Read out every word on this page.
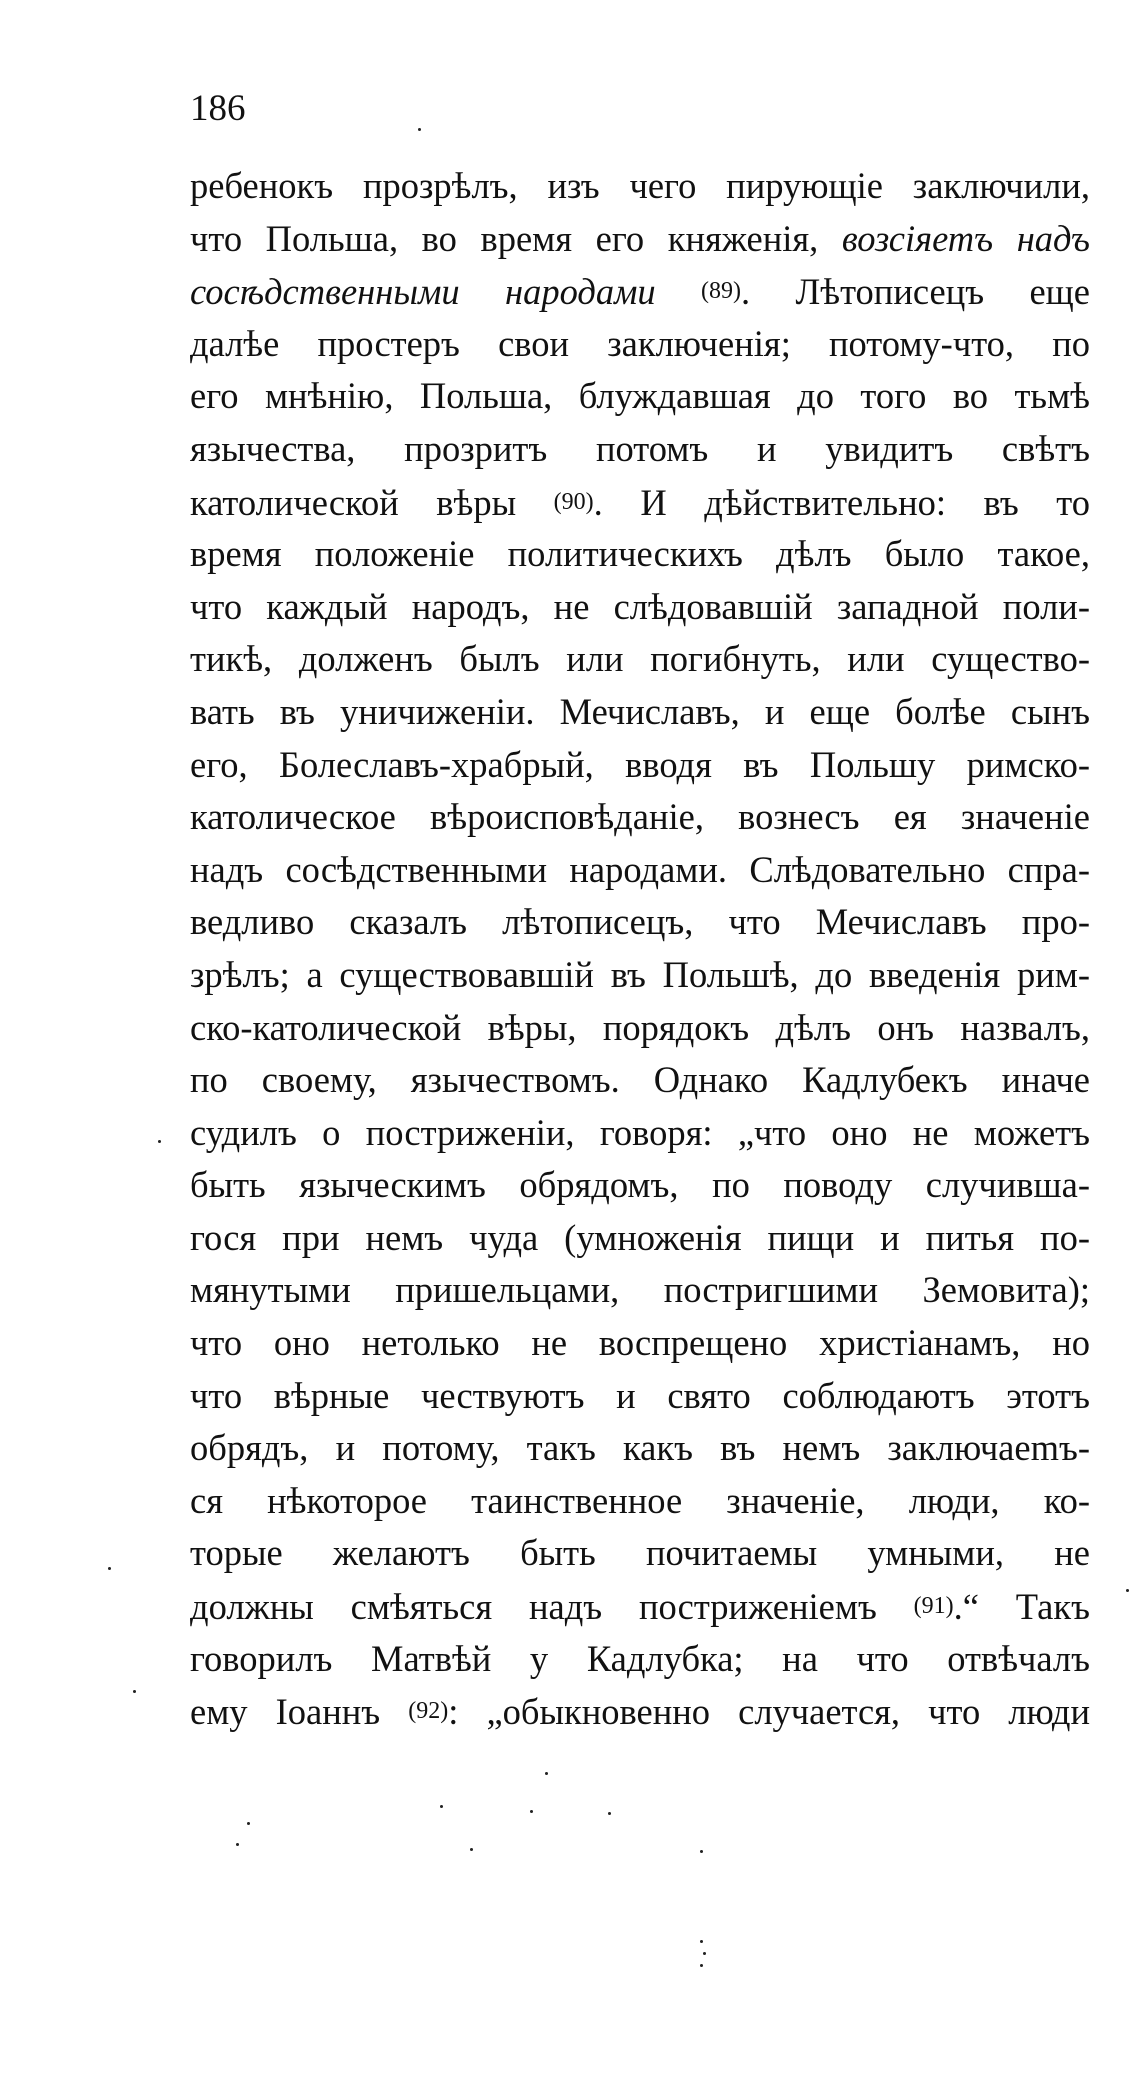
186
ребенокъ прозрѣлъ, изъ чего пирующіе заключили,
что Польша, во время его княженія, возсіяетъ надъ
сосѣдственными народами (89). Лѣтописецъ еще
далѣе простеръ свои заключенія; потому-что, по
его мнѣнію, Польша, блуждавшая до того во тьмѣ
язычества, прозритъ потомъ и увидитъ свѣтъ
католической вѣры (90). И дѣйствительно: въ то
время положеніе политическихъ дѣлъ было такое,
что каждый народъ, не слѣдовавшій западной поли-
тикѣ, долженъ былъ или погибнуть, или существо-
вать въ уничиженіи. Мечиславъ, и еще болѣе сынъ
его, Болеславъ-храбрый, вводя въ Польшу римско-
католическое вѣроисповѣданіе, вознесъ ея значеніе
надъ сосѣдственными народами. Слѣдовательно спра-
ведливо сказалъ лѣтописецъ, что Мечиславъ про-
зрѣлъ; а существовавшій въ Польшѣ, до введенія рим-
ско-католической вѣры, порядокъ дѣлъ онъ назвалъ,
по своему, язычествомъ. Однако Кадлубекъ иначе
судилъ о пострижeніи, говоря: „что оно не можетъ
быть языческимъ обрядомъ, по поводу случившa-
гося при немъ чуда (умноженія пищи и питья по-
мянутыми пришельцами, постригшими Земовита);
что оно нетолько не воспрещено христіанамъ, но
что вѣрные чествуютъ и свято соблюдаютъ этотъ
обрядъ, и потому, такъ какъ въ немъ заключаеmъ-
ся нѣкоторое таинственное значеніе, люди, ко-
торые желаютъ быть почитаемы умными, не
должны смѣяться надъ постриженіемъ (91).“ Такъ
говорилъ Матвѣй у Кадлубка; на что отвѣчалъ
ему Іоаннъ (92): „обыкновенно случается, что люди
